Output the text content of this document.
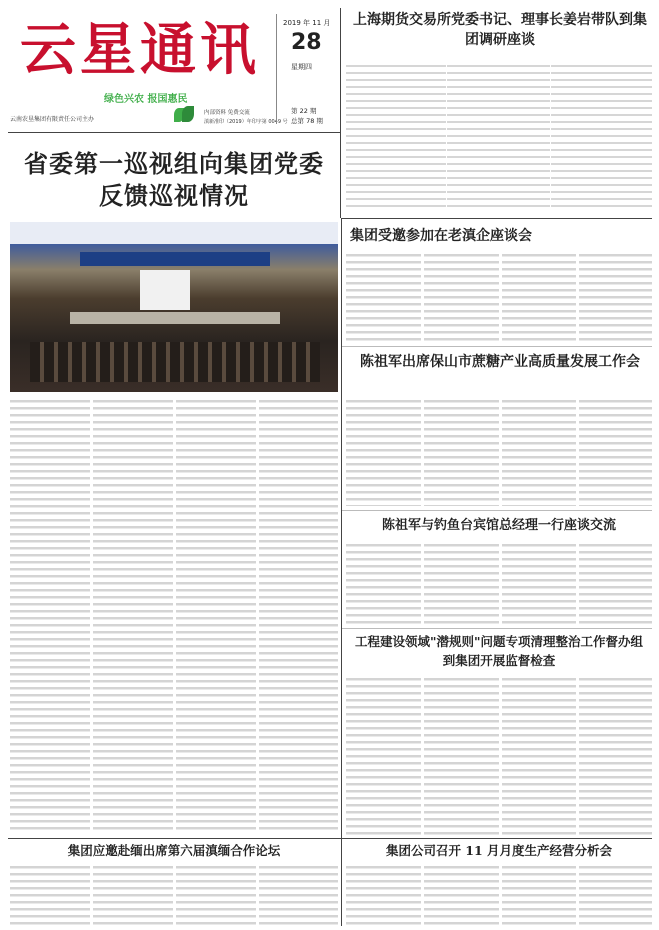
云星通讯
绿色兴农 报国惠民
云南农垦集团有限责任公司主办
内部资料 免费交流
滇新准印（2019）年印字第 0049 号
2019 年 11 月
28
星期四
第 22 期
总第 78 期
上海期货交易所党委书记、理事长姜岩带队到集团调研座谈
省委第一巡视组向集团党委反馈巡视情况
集团受邀参加在老滇企座谈会
陈祖军出席保山市蔗糖产业高质量发展工作会
陈祖军与钓鱼台宾馆总经理一行座谈交流
工程建设领域"潜规则"问题专项清理整治工作督办组到集团开展监督检查
集团应邀赴缅出席第六届滇缅合作论坛	集团公司召开 11 月月度生产经营分析会
